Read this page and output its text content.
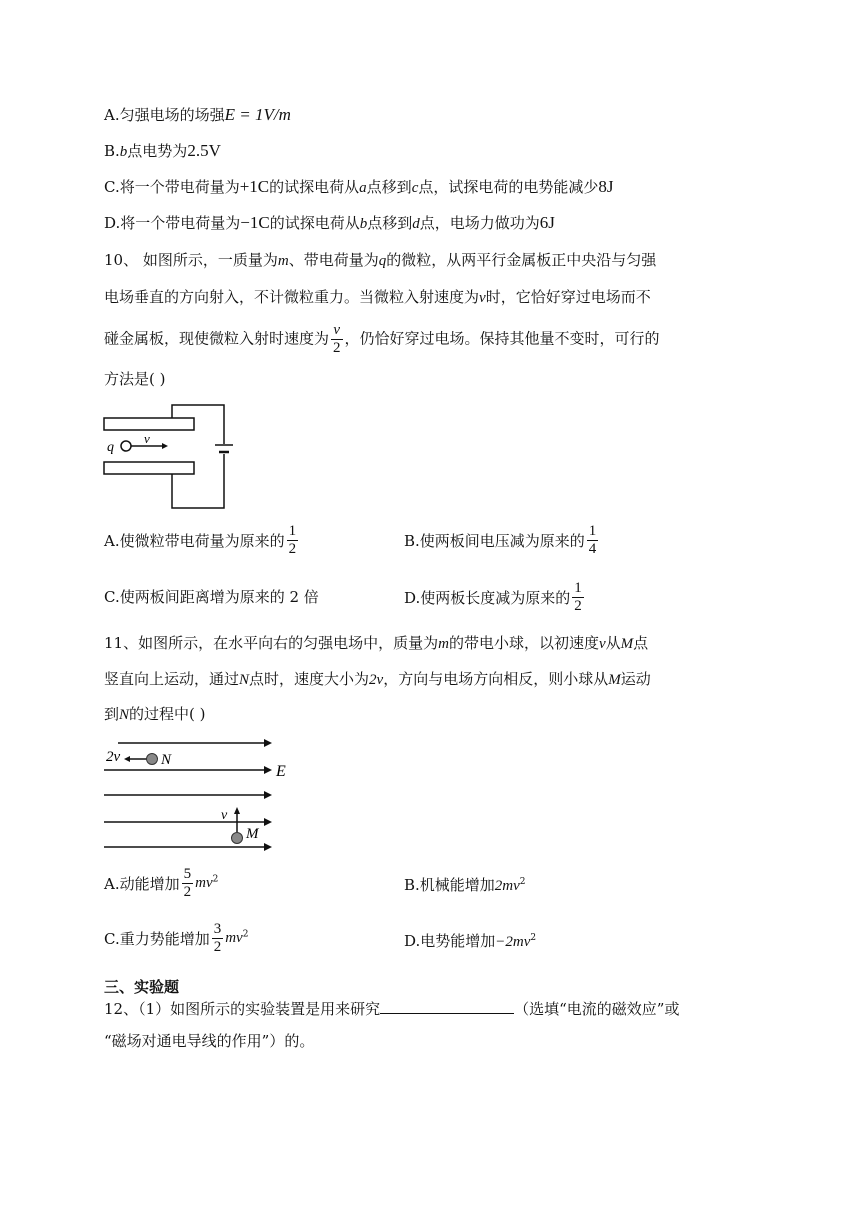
A.匀强电场的场强E = 1V/m
B.b点电势为2.5V
C.将一个带电荷量为+1C的试探电荷从a点移到c点，试探电荷的电势能减少8J
D.将一个带电荷量为−1C的试探电荷从b点移到d点，电场力做功为6J
10、 如图所示，一质量为m、带电荷量为q的微粒，从两平行金属板正中央沿与匀强
电场垂直的方向射入，不计微粒重力。当微粒入射速度为v时，它恰好穿过电场而不
碰金属板，现使微粒入射时速度为 $\frac{v}{2}$ ，仍恰好穿过电场。保持其他量不变时，可行的
方法是( )
q
v
A.使微粒带电荷量为原来的 $\frac{1}{2}$	B.使两板间电压减为原来的 $\frac{1}{4}$
C.使两板间距离增为原来的 2 倍	D.使两板长度减为原来的 $\frac{1}{2}$
11、如图所示，在水平向右的匀强电场中，质量为m的带电小球，以初速度v从M点
竖直向上运动，通过N点时，速度大小为2v，方向与电场方向相反，则小球从M运动
到N的过程中( )
2v	N
E
v
M
A.动能增加 $\frac{5}{2} mv^2$	B.机械能增加$2mv^2$
C.重力势能增加 $\frac{3}{2} mv^2$	D.电势能增加$-2mv^2$
三、实验题
12、（1）如图所示的实验装置是用来研究	（选填“电流的磁效应”或
“磁场对通电导线的作用”）的。
